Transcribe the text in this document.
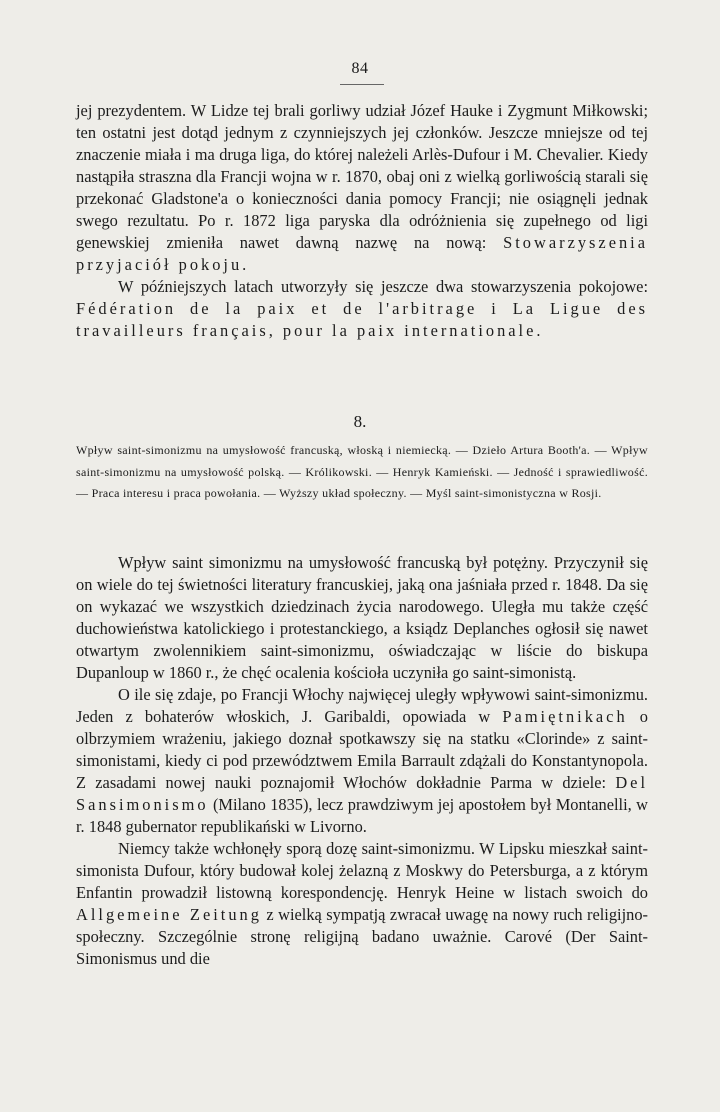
84

jej prezydentem. W Lidze tej brali gorliwy udział Józef Hauke i Zygmunt Miłkowski; ten ostatni jest dotąd jednym z czynniejszych jej członków. Jeszcze mniejsze od tej znaczenie miała i ma druga liga, do której należeli Arlès-Dufour i M. Chevalier. Kiedy nastąpiła straszna dla Francji wojna w r. 1870, obaj oni z wielką gorliwością starali się przekonać Gladstone'a o konieczności dania pomocy Francji; nie osiągnęli jednak swego rezultatu. Po r. 1872 liga paryska dla odróżnienia się zupełnego od ligi genewskiej zmieniła nawet dawną nazwę na nową: Stowarzyszenia przyjaciół pokoju.

W późniejszych latach utworzyły się jeszcze dwa stowarzyszenia pokojowe: Fédération de la paix et de l'arbitrage i La Ligue des travailleurs français, pour la paix internationale.

8.

Wpływ saint-simonizmu na umysłowość francuską, włoską i niemiecką. — Dzieło Artura Booth'a. — Wpływ saint-simonizmu na umysłowość polską. — Królikowski. — Henryk Kamieński. — Jedność i sprawiedliwość. — Praca interesu i praca powołania. — Wyższy układ społeczny. — Myśl saint-simonistyczna w Rosji.

Wpływ saint simonizmu na umysłowość francuską był potężny. Przyczynił się on wiele do tej świetności literatury francuskiej, jaką ona jaśniała przed r. 1848. Da się on wykazać we wszystkich dziedzinach życia narodowego. Uległa mu także część duchowieństwa katolickiego i protestanckiego, a ksiądz Deplanches ogłosił się nawet otwartym zwolennikiem saint-simonizmu, oświadczając w liście do biskupa Dupanloup w 1860 r., że chęć ocalenia kościoła uczyniła go saint-simonistą.

O ile się zdaje, po Francji Włochy najwięcej uległy wpływowi saint-simonizmu. Jeden z bohaterów włoskich, J. Garibaldi, opowiada w Pamiętnikach o olbrzymiem wrażeniu, jakiego doznał spotkawszy się na statku «Clorinde» z saint-simonistami, kiedy ci pod przewództwem Emila Barrault zdążali do Konstantynopola. Z zasadami nowej nauki poznajomił Włochów dokładnie Parma w dziele: Del Sansimonismo (Milano 1835), lecz prawdziwym jej apostołem był Montanelli, w r. 1848 gubernator republikański w Livorno.

Niemcy także wchłonęły sporą dozę saint-simonizmu. W Lipsku mieszkał saint-simonista Dufour, który budował kolej żelazną z Moskwy do Petersburga, a z którym Enfantin prowadził listowną korespondencję. Henryk Heine w listach swoich do Allgemeine Zeitung z wielką sympatją zwracał uwagę na nowy ruch religijno-społeczny. Szczególnie stronę religijną badano uważnie. Carové (Der Saint-Simonismus und die
